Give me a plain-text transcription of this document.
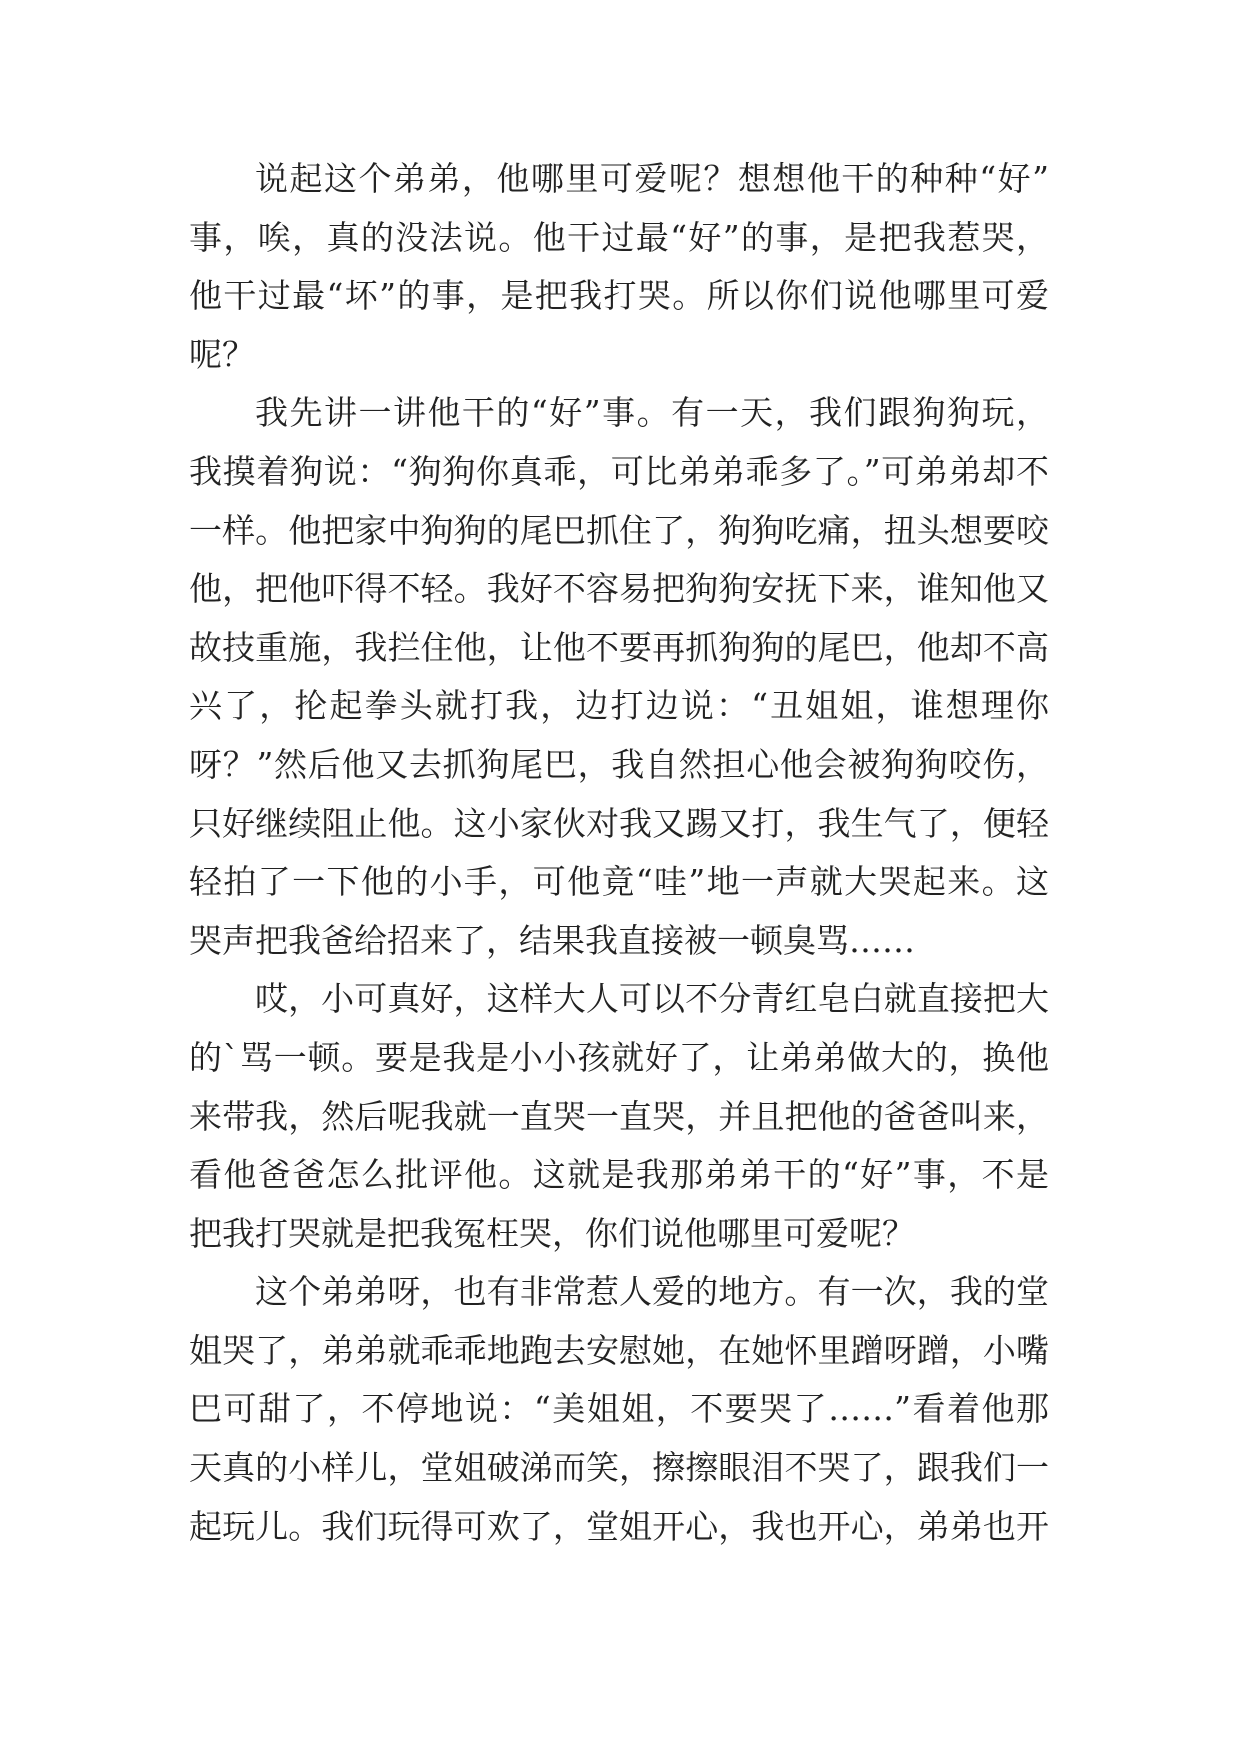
说起这个弟弟，他哪里可爱呢？想想他干的种种“好”
事，唉，真的没法说。他干过最“好”的事，是把我惹哭，
他干过最“坏”的事，是把我打哭。所以你们说他哪里可爱
呢？
我先讲一讲他干的“好”事。有一天，我们跟狗狗玩，
我摸着狗说：“狗狗你真乖，可比弟弟乖多了。”可弟弟却不
一样。他把家中狗狗的尾巴抓住了，狗狗吃痛，扭头想要咬
他，把他吓得不轻。我好不容易把狗狗安抚下来，谁知他又
故技重施，我拦住他，让他不要再抓狗狗的尾巴，他却不高
兴了，抡起拳头就打我，边打边说：“丑姐姐，谁想理你
呀？”然后他又去抓狗尾巴，我自然担心他会被狗狗咬伤，
只好继续阻止他。这小家伙对我又踢又打，我生气了，便轻
轻拍了一下他的小手，可他竟“哇”地一声就大哭起来。这
哭声把我爸给招来了，结果我直接被一顿臭骂……
哎，小可真好，这样大人可以不分青红皂白就直接把大
的`骂一顿。要是我是小小孩就好了，让弟弟做大的，换他
来带我，然后呢我就一直哭一直哭，并且把他的爸爸叫来，
看他爸爸怎么批评他。这就是我那弟弟干的“好”事，不是
把我打哭就是把我冤枉哭，你们说他哪里可爱呢？
这个弟弟呀，也有非常惹人爱的地方。有一次，我的堂
姐哭了，弟弟就乖乖地跑去安慰她，在她怀里蹭呀蹭，小嘴
巴可甜了，不停地说：“美姐姐，不要哭了……”看着他那
天真的小样儿，堂姐破涕而笑，擦擦眼泪不哭了，跟我们一
起玩儿。我们玩得可欢了，堂姐开心，我也开心，弟弟也开
